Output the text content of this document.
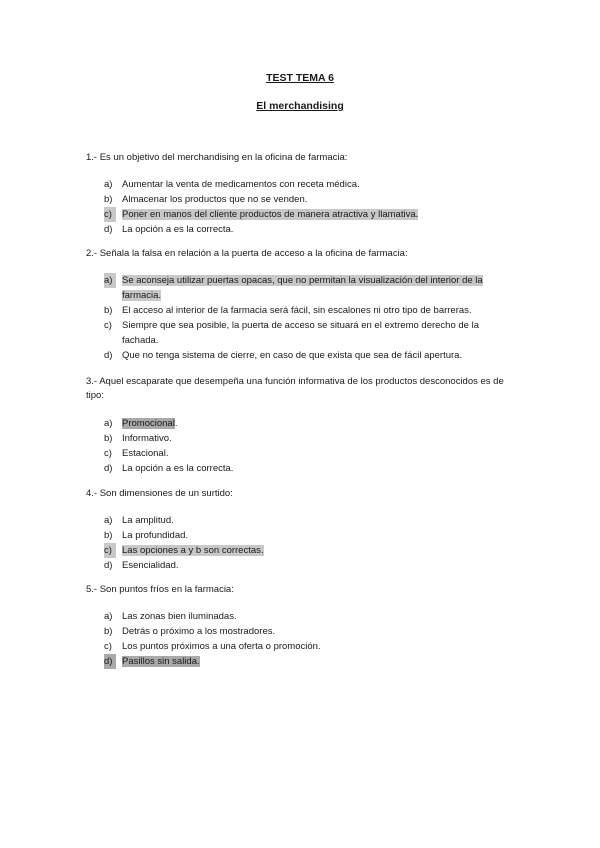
TEST TEMA 6
El merchandising
1.- Es un objetivo del merchandising en la oficina de farmacia:
a) Aumentar la venta de medicamentos con receta médica.
b) Almacenar los productos que no se venden.
c)	Poner en manos del cliente productos de manera atractiva y llamativa.
d) La opción a es la correcta.
2.- Señala la falsa en relación a la puerta de acceso a la oficina de farmacia:
a)	Se aconseja utilizar puertas opacas, que no permitan la visualización del interior de la farmacia.
b) El acceso al interior de la farmacia será fácil, sin escalones ni otro tipo de barreras.
c) Siempre que sea posible, la puerta de acceso se situará en el extremo derecho de la fachada.
d) Que no tenga sistema de cierre, en caso de que exista que sea de fácil apertura.
3.- Aquel escaparate que desempeña una función informativa de los productos desconocidos es de tipo:
a) Promocional.
b) Informativo.
c) Estacional.
d) La opción a es la correcta.
4.- Son dimensiones de un surtido:
a) La amplitud.
b) La profundidad.
c)	Las opciones a y b son correctas.
d) Esencialidad.
5.- Son puntos fríos en la farmacia:
a) Las zonas bien iluminadas.
b) Detrás o próximo a los mostradores.
c) Los puntos próximos a una oferta o promoción.
d)	Pasillos sin salida.
